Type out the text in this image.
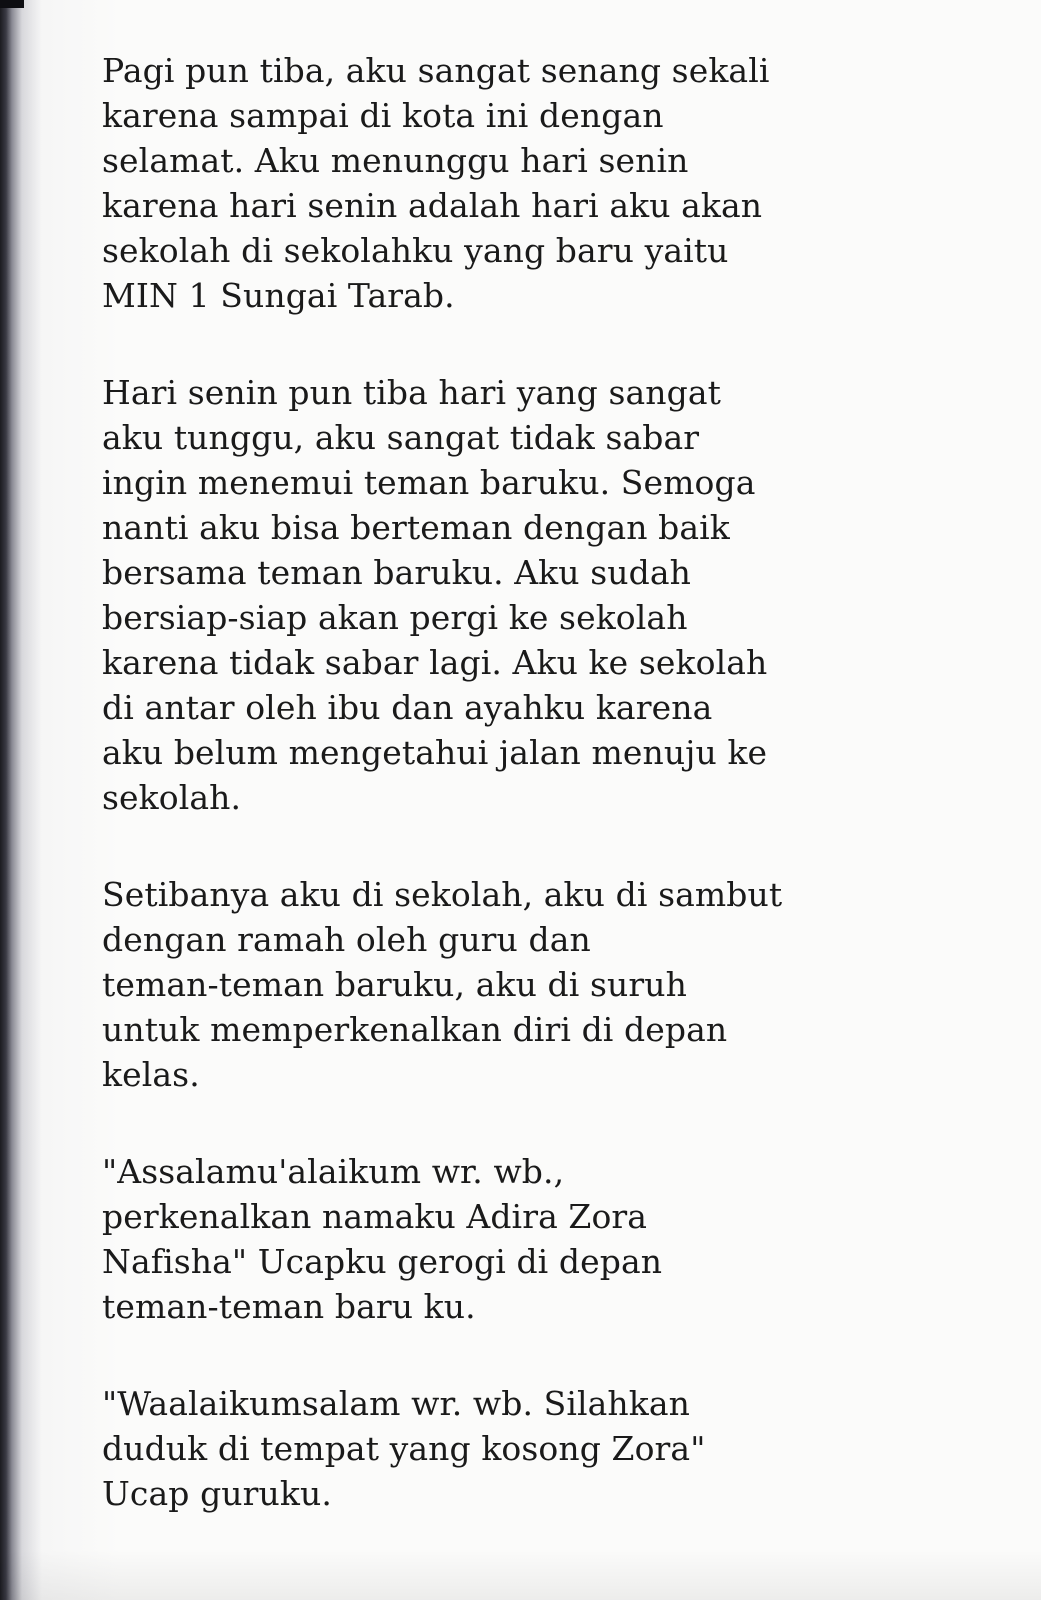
Pagi pun tiba, aku sangat senang sekali
karena sampai di kota ini dengan
selamat. Aku menunggu hari senin
karena hari senin adalah hari aku akan
sekolah di sekolahku yang baru yaitu
MIN 1 Sungai Tarab.

Hari senin pun tiba hari yang sangat
aku tunggu, aku sangat tidak sabar
ingin menemui teman baruku. Semoga
nanti aku bisa berteman dengan baik
bersama teman baruku. Aku sudah
bersiap-siap akan pergi ke sekolah
karena tidak sabar lagi. Aku ke sekolah
di antar oleh ibu dan ayahku karena
aku belum mengetahui jalan menuju ke
sekolah.

Setibanya aku di sekolah, aku di sambut
dengan ramah oleh guru dan
teman-teman baruku, aku di suruh
untuk memperkenalkan diri di depan
kelas.

"Assalamu'alaikum wr. wb.,
perkenalkan namaku Adira Zora
Nafisha" Ucapku gerogi di depan
teman-teman baru ku.

"Waalaikumsalam wr. wb. Silahkan
duduk di tempat yang kosong Zora"
Ucap guruku.
